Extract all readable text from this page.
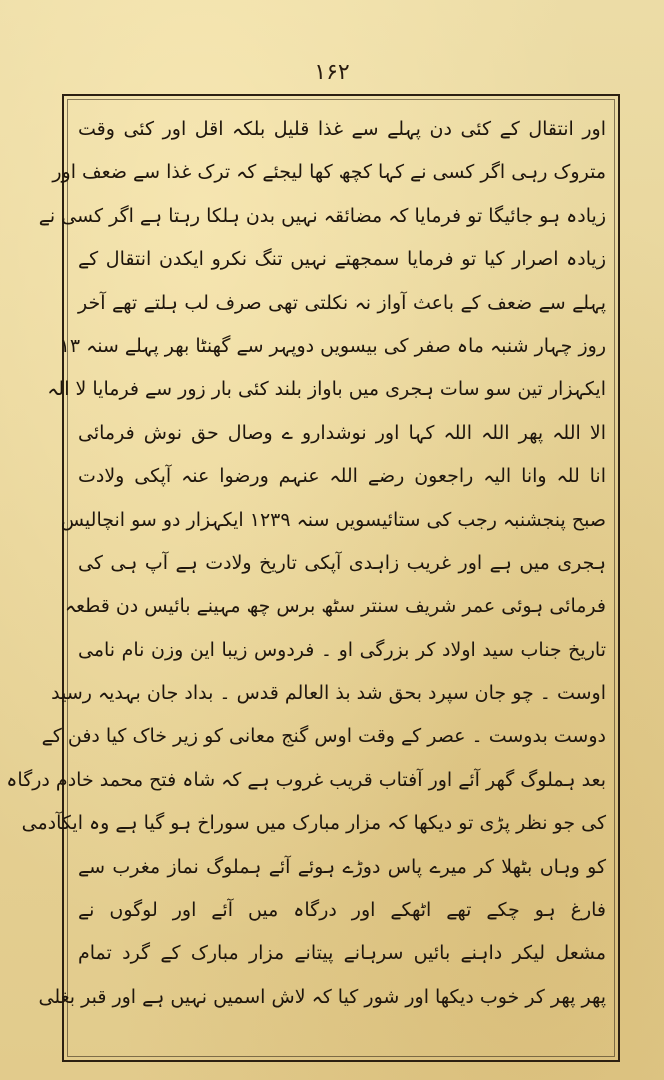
۱۶۲
اور انتقال کے کئی دن پہلے سے غذا قلیل بلکہ اقل اور کئی وقت
متروک رہی اگر کسی نے کہا کچھ کھا لیجئے کہ ترک غذا سے ضعف اور
زیادہ ہو جائیگا تو فرمایا کہ مضائقہ نہیں بدن ہلکا رہتا ہے اگر کسی نے
زیادہ اصرار کیا تو فرمایا سمجھتے نہیں تنگ نکرو ایکدن انتقال کے
پہلے سے ضعف کے باعث آواز نہ نکلتی تھی صرف لب ہلتے تھے آخر
روز چہار شنبہ ماہ صفر کی بیسویں دوپہر سے گھنٹا بھر پہلے سنہ ۱۳
ایکہزار تین سو سات ہجری میں باواز بلند کئی بار زور سے فرمایا لا الہ
الا اللہ پھر اللہ اللہ کہا اور نوشدارو ے وصال حق نوش فرمائی
انا للہ وانا الیہ راجعون رضے اللہ عنہم ورضوا عنہ آپکی ولادت
صبح پنجشنبہ رجب کی ستائیسویں سنہ ۱۲۳۹ ایکہزار دو سو انچالیس
ہجری میں ہے اور غریب زاہدی آپکی تاریخ ولادت ہے آپ ہی کی
فرمائی ہوئی عمر شریف سنتر سٹھ برس چھ مہینے بائیس دن قطعہ
تاریخ جناب سید اولاد کر بزرگی او ۔ فردوس زیبا این وزن نام نامی
اوست ۔ چو جان سپرد بحق شد بذ العالم قدس ۔ بداد جان بہدیہ رسید
دوست بدوست ۔ عصر کے وقت اوس گنج معانی کو زیر خاک کیا دفن کے
بعد ہملوگ گھر آئے اور آفتاب قریب غروب ہے کہ شاہ فتح محمد خادم درگاہ
کی جو نظر پڑی تو دیکھا کہ مزار مبارک میں سوراخ ہو گیا ہے وہ ایکآدمی
کو وہاں بٹھلا کر میرے پاس دوڑے ہوئے آئے ہملوگ نماز مغرب سے
فارغ ہو چکے تھے اٹھکے اور درگاہ میں آئے اور لوگوں نے
مشعل لیکر داہنے بائیں سرہانے پیتانے مزار مبارک کے گرد تمام
پھر پھر کر خوب دیکھا اور شور کیا کہ لاش اسمیں نہیں ہے اور قبر بغلی
